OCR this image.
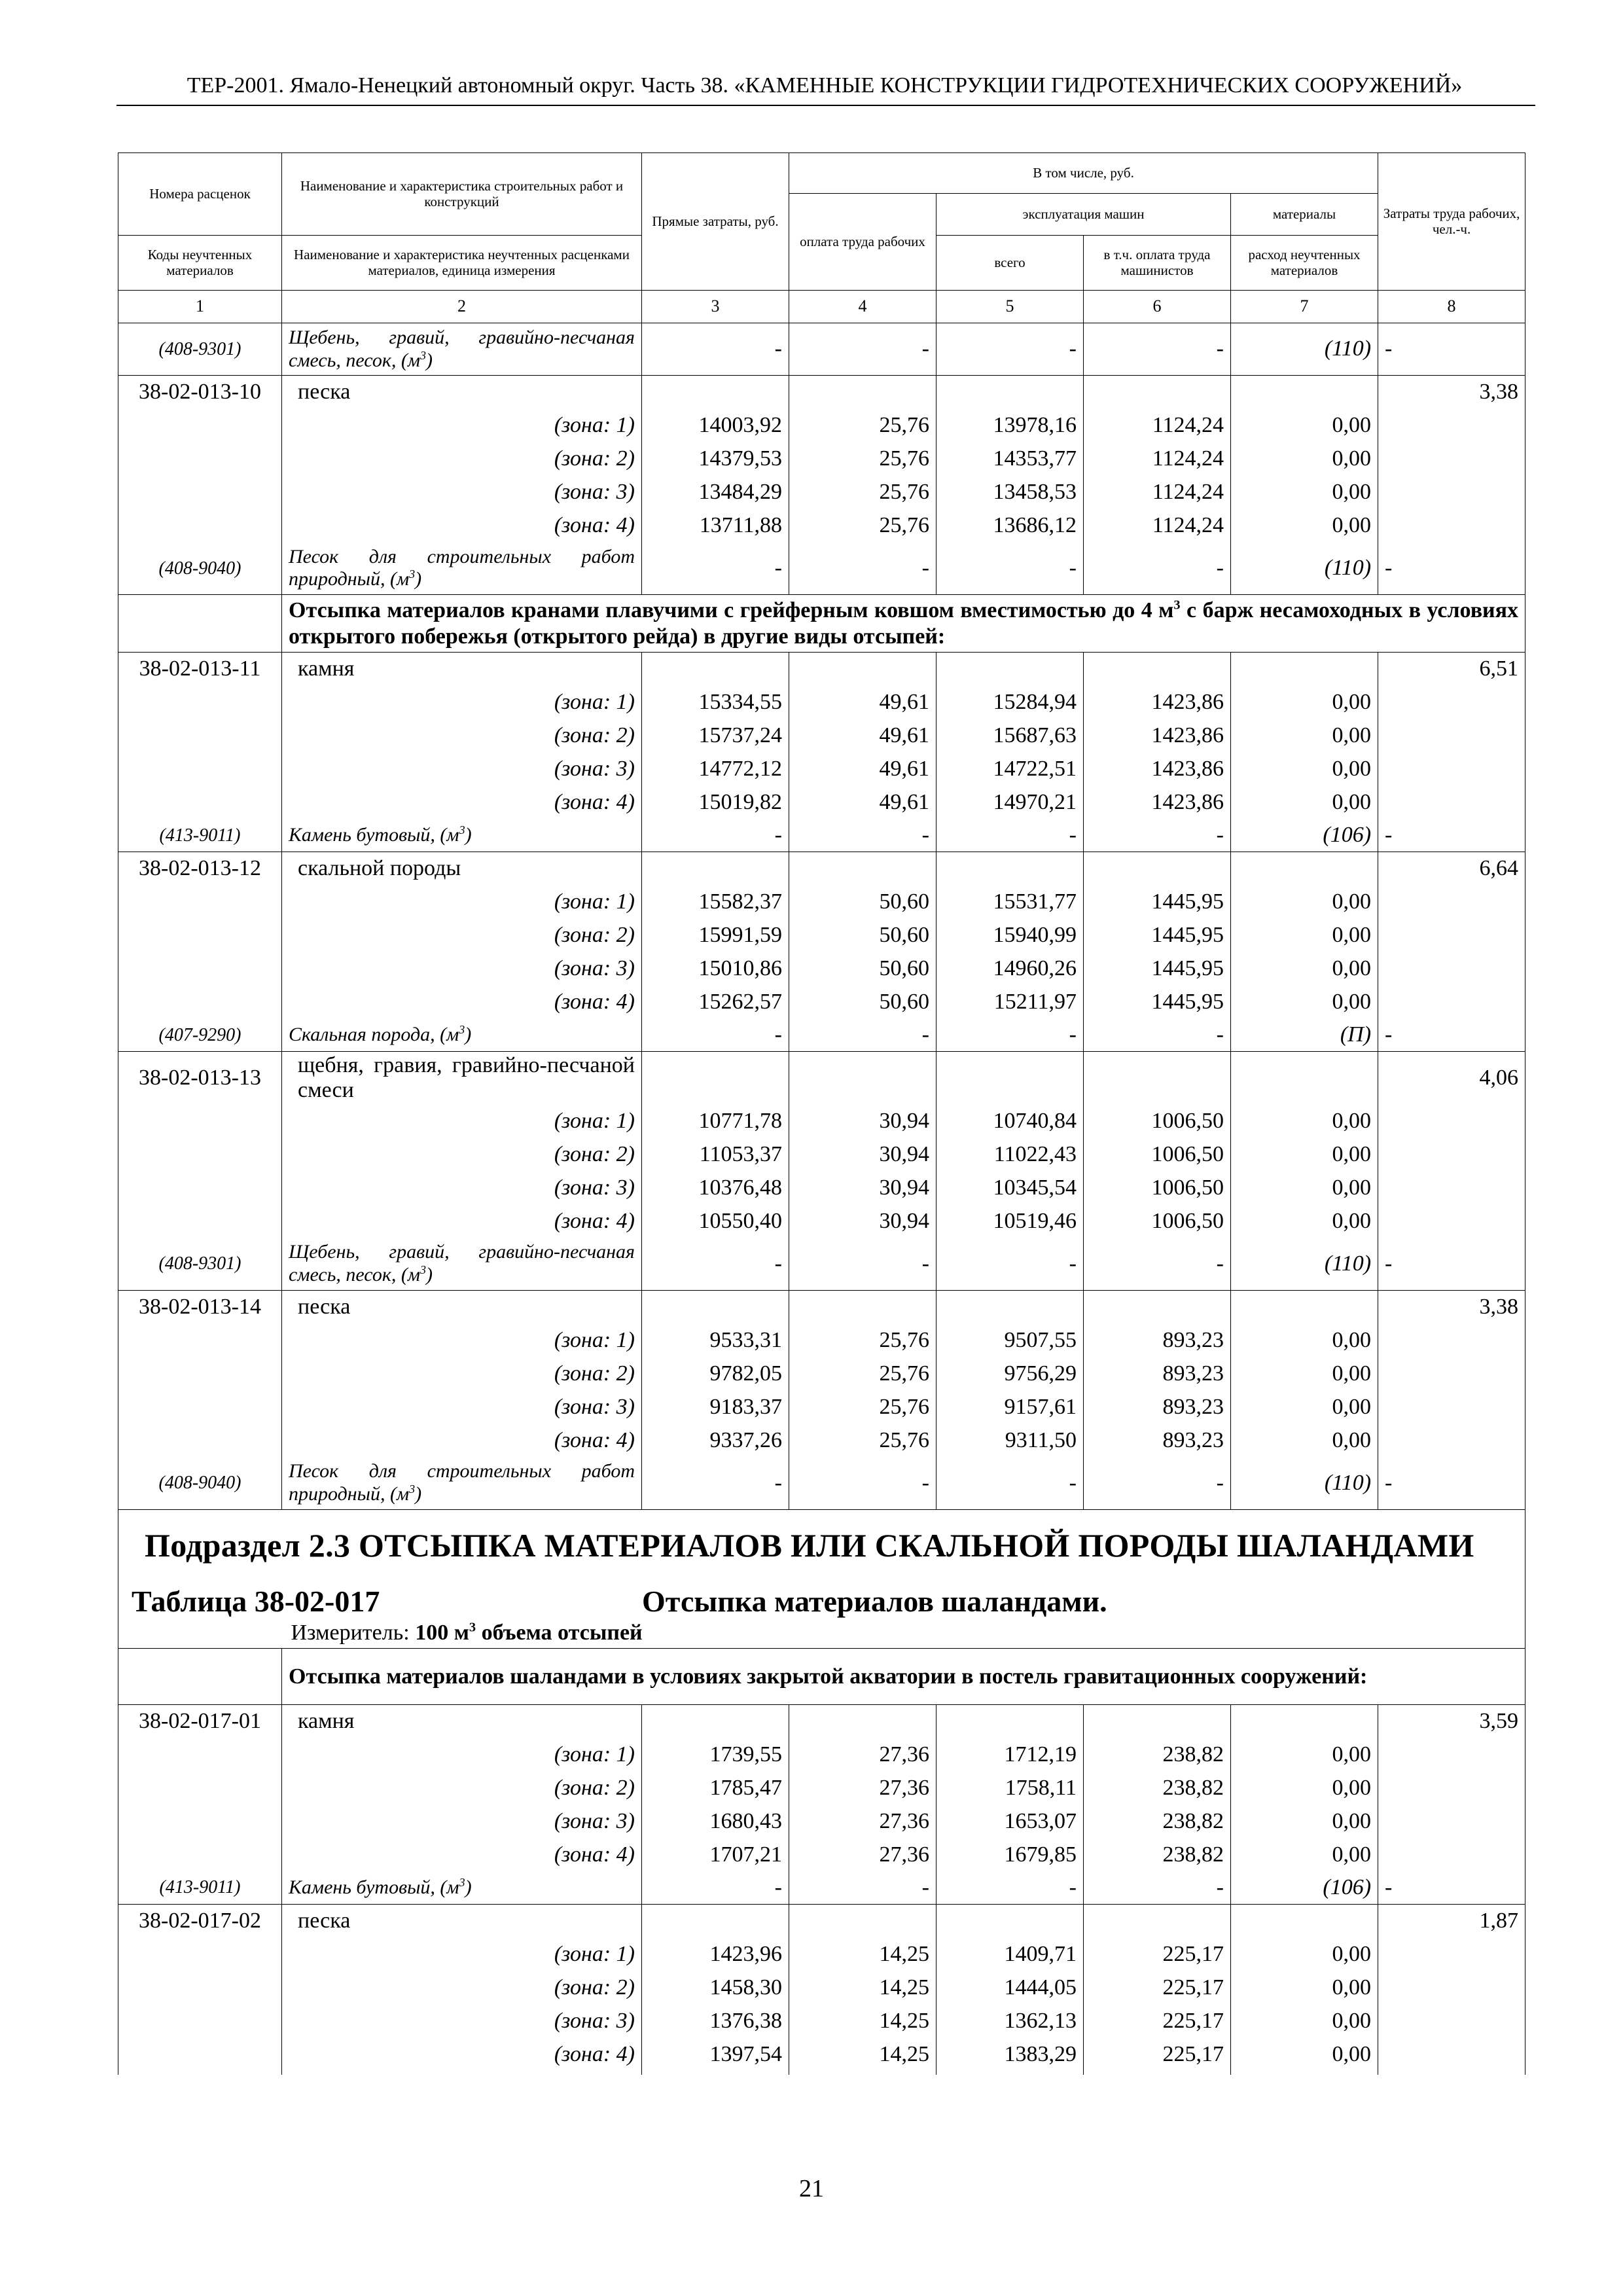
ТЕР-2001. Ямало-Ненецкий автономный округ. Часть 38. «КАМЕННЫЕ КОНСТРУКЦИИ ГИДРОТЕХНИЧЕСКИХ СООРУЖЕНИЙ»
Номера расценок	Наименование и характеристика строительных работ и конструкций	Прямые затраты, руб.	В том числе, руб.				Затраты труда рабочих, чел.-ч.
			оплата труда рабочих	эксплуатация машин		материалы	
Коды неучтенных материалов	Наименование и характеристика неучтенных расценками материалов, единица измерения			всего	в т.ч. оплата труда машинистов	расход неучтенных материалов	
1	2	3	4	5	6	7	8
(408-9301)	Щебень, гравий, гравийно-песчаная смесь, песок, $(м^3)$	-	-	-	-	(110)	-
38-02-013-10	песка						3,38
	(зона: 1)	14003,92	25,76	13978,16	1124,24	0,00	
	(зона: 2)	14379,53	25,76	14353,77	1124,24	0,00	
	(зона: 3)	13484,29	25,76	13458,53	1124,24	0,00	
	(зона: 4)	13711,88	25,76	13686,12	1124,24	0,00	
(408-9040)	Песок для строительных работ природный, $(м^3)$	-	-	-	-	(110)	-
	Отсыпка материалов кранами плавучими с грейферным ковшом вместимостью до 4 $м^3$ с барж несамоходных в условиях открытого побережья (открытого рейда) в другие виды отсыпей:						
38-02-013-11	камня						6,51
	(зона: 1)	15334,55	49,61	15284,94	1423,86	0,00	
	(зона: 2)	15737,24	49,61	15687,63	1423,86	0,00	
	(зона: 3)	14772,12	49,61	14722,51	1423,86	0,00	
	(зона: 4)	15019,82	49,61	14970,21	1423,86	0,00	
(413-9011)	Камень бутовый, $(м^3)$	-	-	-	-	(106)	-
38-02-013-12	скальной породы						6,64
	(зона: 1)	15582,37	50,60	15531,77	1445,95	0,00	
	(зона: 2)	15991,59	50,60	15940,99	1445,95	0,00	
	(зона: 3)	15010,86	50,60	14960,26	1445,95	0,00	
	(зона: 4)	15262,57	50,60	15211,97	1445,95	0,00	
(407-9290)	Скальная порода, $(м^3)$	-	-	-	-	(П)	-
38-02-013-13	щебня, гравия, гравийно-песчаной смеси						4,06
	(зона: 1)	10771,78	30,94	10740,84	1006,50	0,00	
	(зона: 2)	11053,37	30,94	11022,43	1006,50	0,00	
	(зона: 3)	10376,48	30,94	10345,54	1006,50	0,00	
	(зона: 4)	10550,40	30,94	10519,46	1006,50	0,00	
(408-9301)	Щебень, гравий, гравийно-песчаная смесь, песок, $(м^3)$	-	-	-	-	(110)	-
38-02-013-14	песка						3,38
	(зона: 1)	9533,31	25,76	9507,55	893,23	0,00	
	(зона: 2)	9782,05	25,76	9756,29	893,23	0,00	
	(зона: 3)	9183,37	25,76	9157,61	893,23	0,00	
	(зона: 4)	9337,26	25,76	9311,50	893,23	0,00	
(408-9040)	Песок для строительных работ природный, $(м^3)$	-	-	-	-	(110)	-
Подраздел 2.3 ОТСЫПКА МАТЕРИАЛОВ ИЛИ СКАЛЬНОЙ ПОРОДЫ ШАЛАНДАМИ							
Таблица 38-02-017 Отсыпка материалов шаландами.							
	Измеритель: 100 $м^3$ объема отсыпей						
	Отсыпка материалов шаландами в условиях закрытой акватории в постель гравитационных сооружений:						
38-02-017-01	камня						3,59
	(зона: 1)	1739,55	27,36	1712,19	238,82	0,00	
	(зона: 2)	1785,47	27,36	1758,11	238,82	0,00	
	(зона: 3)	1680,43	27,36	1653,07	238,82	0,00	
	(зона: 4)	1707,21	27,36	1679,85	238,82	0,00	
(413-9011)	Камень бутовый, $(м^3)$	-	-	-	-	(106)	-
38-02-017-02	песка						1,87
	(зона: 1)	1423,96	14,25	1409,71	225,17	0,00	
	(зона: 2)	1458,30	14,25	1444,05	225,17	0,00	
	(зона: 3)	1376,38	14,25	1362,13	225,17	0,00	
	(зона: 4)	1397,54	14,25	1383,29	225,17	0,00	

21
